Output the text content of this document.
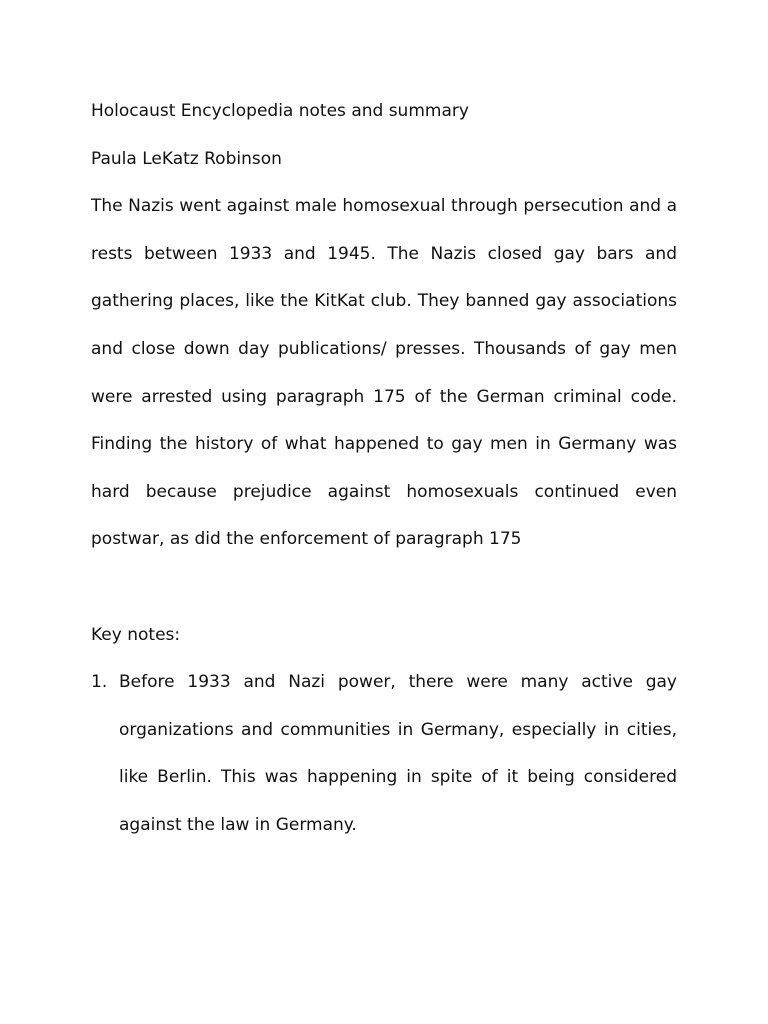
Holocaust Encyclopedia notes and summary

Paula LeKatz Robinson

The Nazis went against male homosexual through persecution and a

rests between 1933 and 1945. The Nazis closed gay bars and

gathering places, like the KitKat club. They banned gay associations

and close down day publications/ presses. Thousands of gay men

were arrested using paragraph 175 of the German criminal code.

Finding the history of what happened to gay men in Germany was

hard because prejudice against homosexuals continued even

postwar, as did the enforcement of paragraph 175

Key notes:

1. Before 1933 and Nazi power, there were many active gay

organizations and communities in Germany, especially in cities,

like Berlin. This was happening in spite of it being considered

against the law in Germany.
